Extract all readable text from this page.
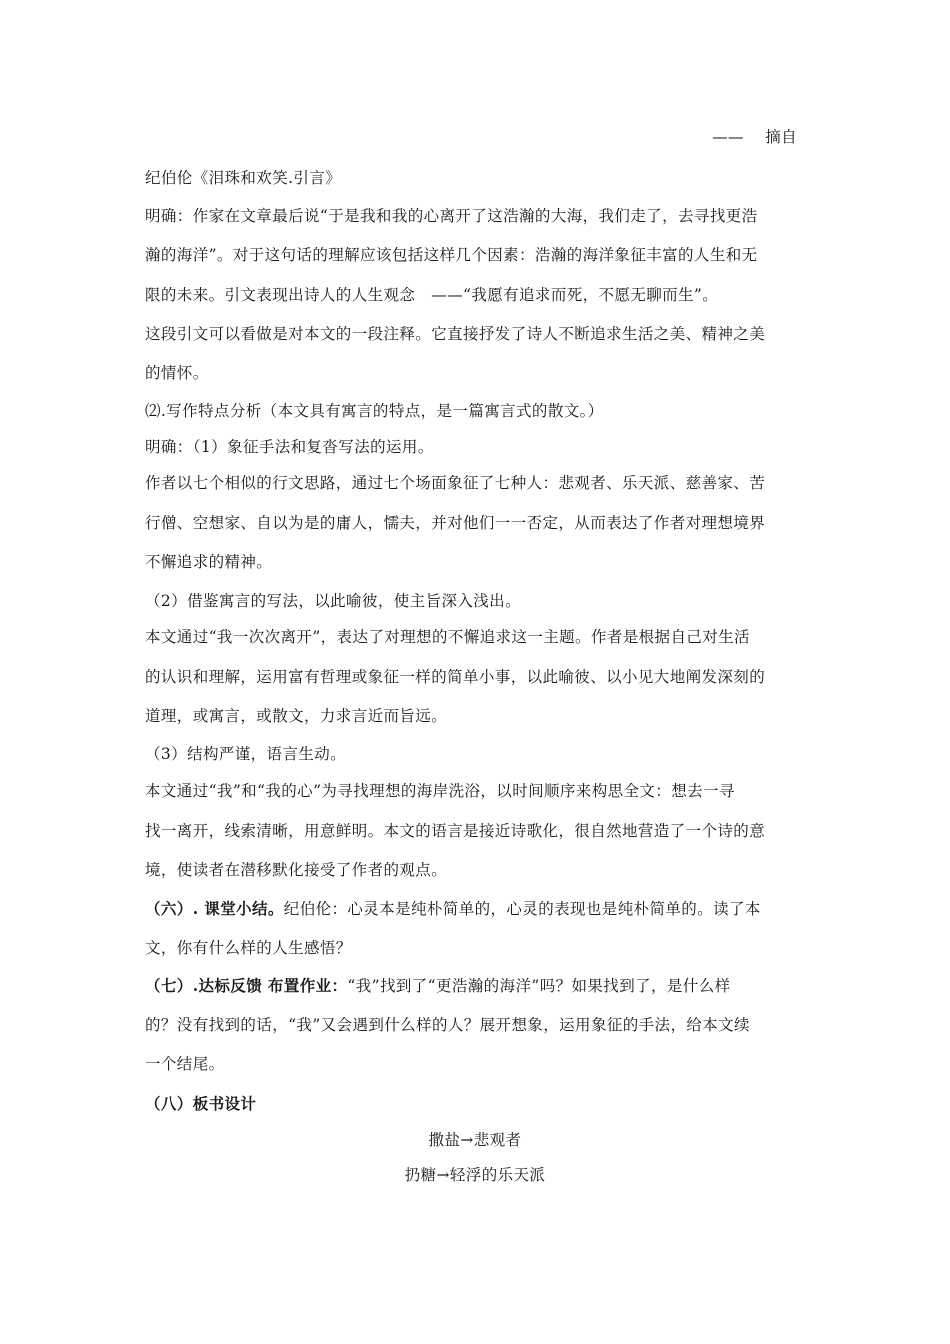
—— 摘自
纪伯伦《泪珠和欢笑.引言》
明确：作家在文章最后说“于是我和我的心离开了这浩瀚的大海，我们走了，去寻找更浩
瀚的海洋”。对于这句话的理解应该包括这样几个因素：浩瀚的海洋象征丰富的人生和无
限的未来。引文表现出诗人的人生观念　——“我愿有追求而死，不愿无聊而生”。
这段引文可以看做是对本文的一段注释。它直接抒发了诗人不断追求生活之美、精神之美
的情怀。
⑵.写作特点分析（本文具有寓言的特点，是一篇寓言式的散文。）
明确：（1）象征手法和复沓写法的运用。
作者以七个相似的行文思路，通过七个场面象征了七种人：悲观者、乐天派、慈善家、苦
行僧、空想家、自以为是的庸人，懦夫，并对他们一一否定，从而表达了作者对理想境界
不懈追求的精神。
（2）借鉴寓言的写法，以此喻彼，使主旨深入浅出。
本文通过“我一次次离开”，表达了对理想的不懈追求这一主题。作者是根据自己对生活
的认识和理解，运用富有哲理或象征一样的简单小事，以此喻彼、以小见大地阐发深刻的
道理，或寓言，或散文，力求言近而旨远。
（3）结构严谨，语言生动。
本文通过“我”和“我的心”为寻找理想的海岸洗浴，以时间顺序来构思全文：想去一寻
找一离开，线索清晰，用意鲜明。本文的语言是接近诗歌化，很自然地营造了一个诗的意
境，使读者在潜移默化接受了作者的观点。
（六）. 课堂小结。纪伯伦：心灵本是纯朴简单的，心灵的表现也是纯朴简单的。读了本
文，你有什么样的人生感悟？
（七）.达标反馈 布置作业：“我”找到了“更浩瀚的海洋”吗？如果找到了，是什么样
的？没有找到的话，“我”又会遇到什么样的人？展开想象，运用象征的手法，给本文续
一个结尾。
（八）板书设计
撒盐→悲观者
扔糖→轻浮的乐天派
